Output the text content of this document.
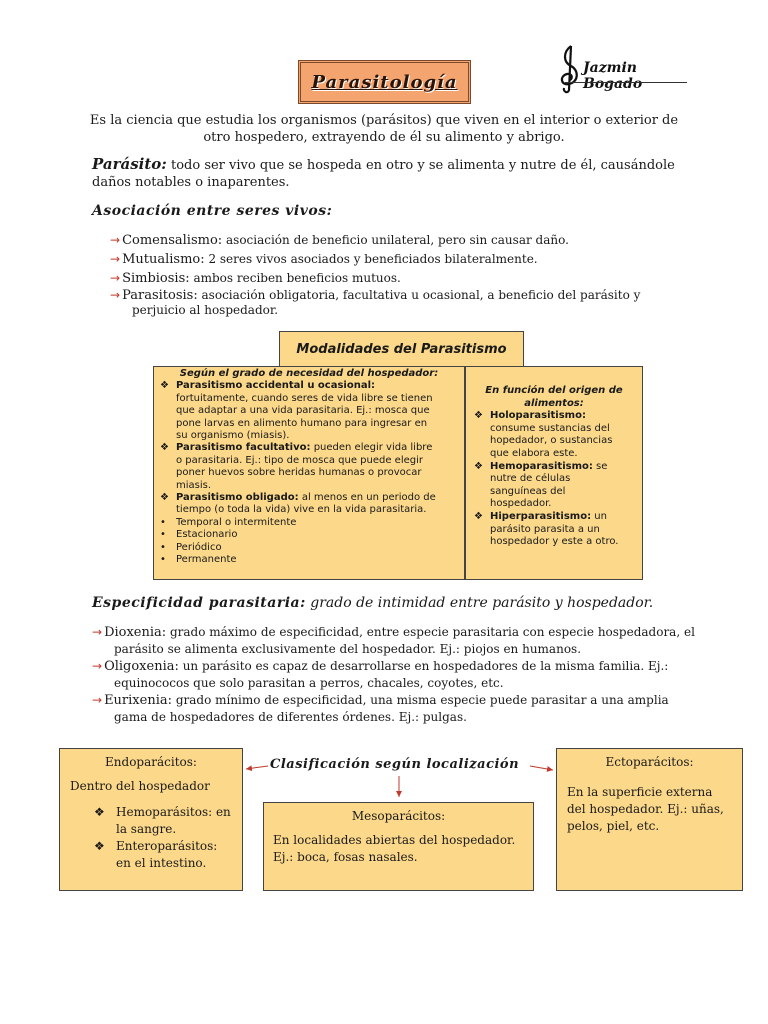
Parasitología
Jazmin Bogado
Es la ciencia que estudia los organismos (parásitos) que viven en el interior o exterior de otro hospedero, extrayendo de él su alimento y abrigo.
Parásito: todo ser vivo que se hospeda en otro y se alimenta y nutre de él, causándole daños notables o inaparentes.
Asociación entre seres vivos:
→ Comensalismo: asociación de beneficio unilateral, pero sin causar daño.
→ Mutualismo: 2 seres vivos asociados y beneficiados bilateralmente.
→ Simbiosis: ambos reciben beneficios mutuos.
→ Parasitosis: asociación obligatoria, facultativa u ocasional, a beneficio del parásito y
perjuicio al hospedador.
Modalidades del Parasitismo
Según el grado de necesidad del hospedador:
❖ Parasitismo accidental u ocasional:
fortuitamente, cuando seres de vida libre se tienen
que adaptar a una vida parasitaria. Ej.: mosca que
pone larvas en alimento humano para ingresar en
su organismo (miasis).
❖ Parasitismo facultativo: pueden elegir vida libre
o parasitaria. Ej.: tipo de mosca que puede elegir
poner huevos sobre heridas humanas o provocar
miasis.
❖ Parasitismo obligado: al menos en un periodo de
tiempo (o toda la vida) vive en la vida parasitaria.
•	Temporal o intermitente
•	Estacionario
•	Periódico
•	Permanente
En función del origen de alimentos:
❖ Holoparasitismo:
consume sustancias del
hopedador, o sustancias
que elabora este.
❖ Hemoparasitismo: se
nutre de células
sanguíneas del
hospedador.
❖ Hiperparasitismo: un
parásito parasita a un
hospedador y este a otro.
Especificidad parasitaria: grado de intimidad entre parásito y hospedador.
→ Dioxenia: grado máximo de especificidad, entre especie parasitaria con especie hospedadora, el
parásito se alimenta exclusivamente del hospedador. Ej.: piojos en humanos.
→ Oligoxenia: un parásito es capaz de desarrollarse en hospedadores de la misma familia. Ej.:
equinococos que solo parasitan a perros, chacales, coyotes, etc.
→ Eurixenia: grado mínimo de especificidad, una misma especie puede parasitar a una amplia
gama de hospedadores de diferentes órdenes. Ej.: pulgas.
Clasificación según localización
Endoparácitos:
Dentro del hospedador
❖ Hemoparásitos: en
la sangre.
❖ Enteroparásitos:
en el intestino.
Mesoparácitos:
En localidades abiertas del hospedador.
Ej.: boca, fosas nasales.
Ectoparácitos:
En la superficie externa
del hospedador. Ej.: uñas,
pelos, piel, etc.
